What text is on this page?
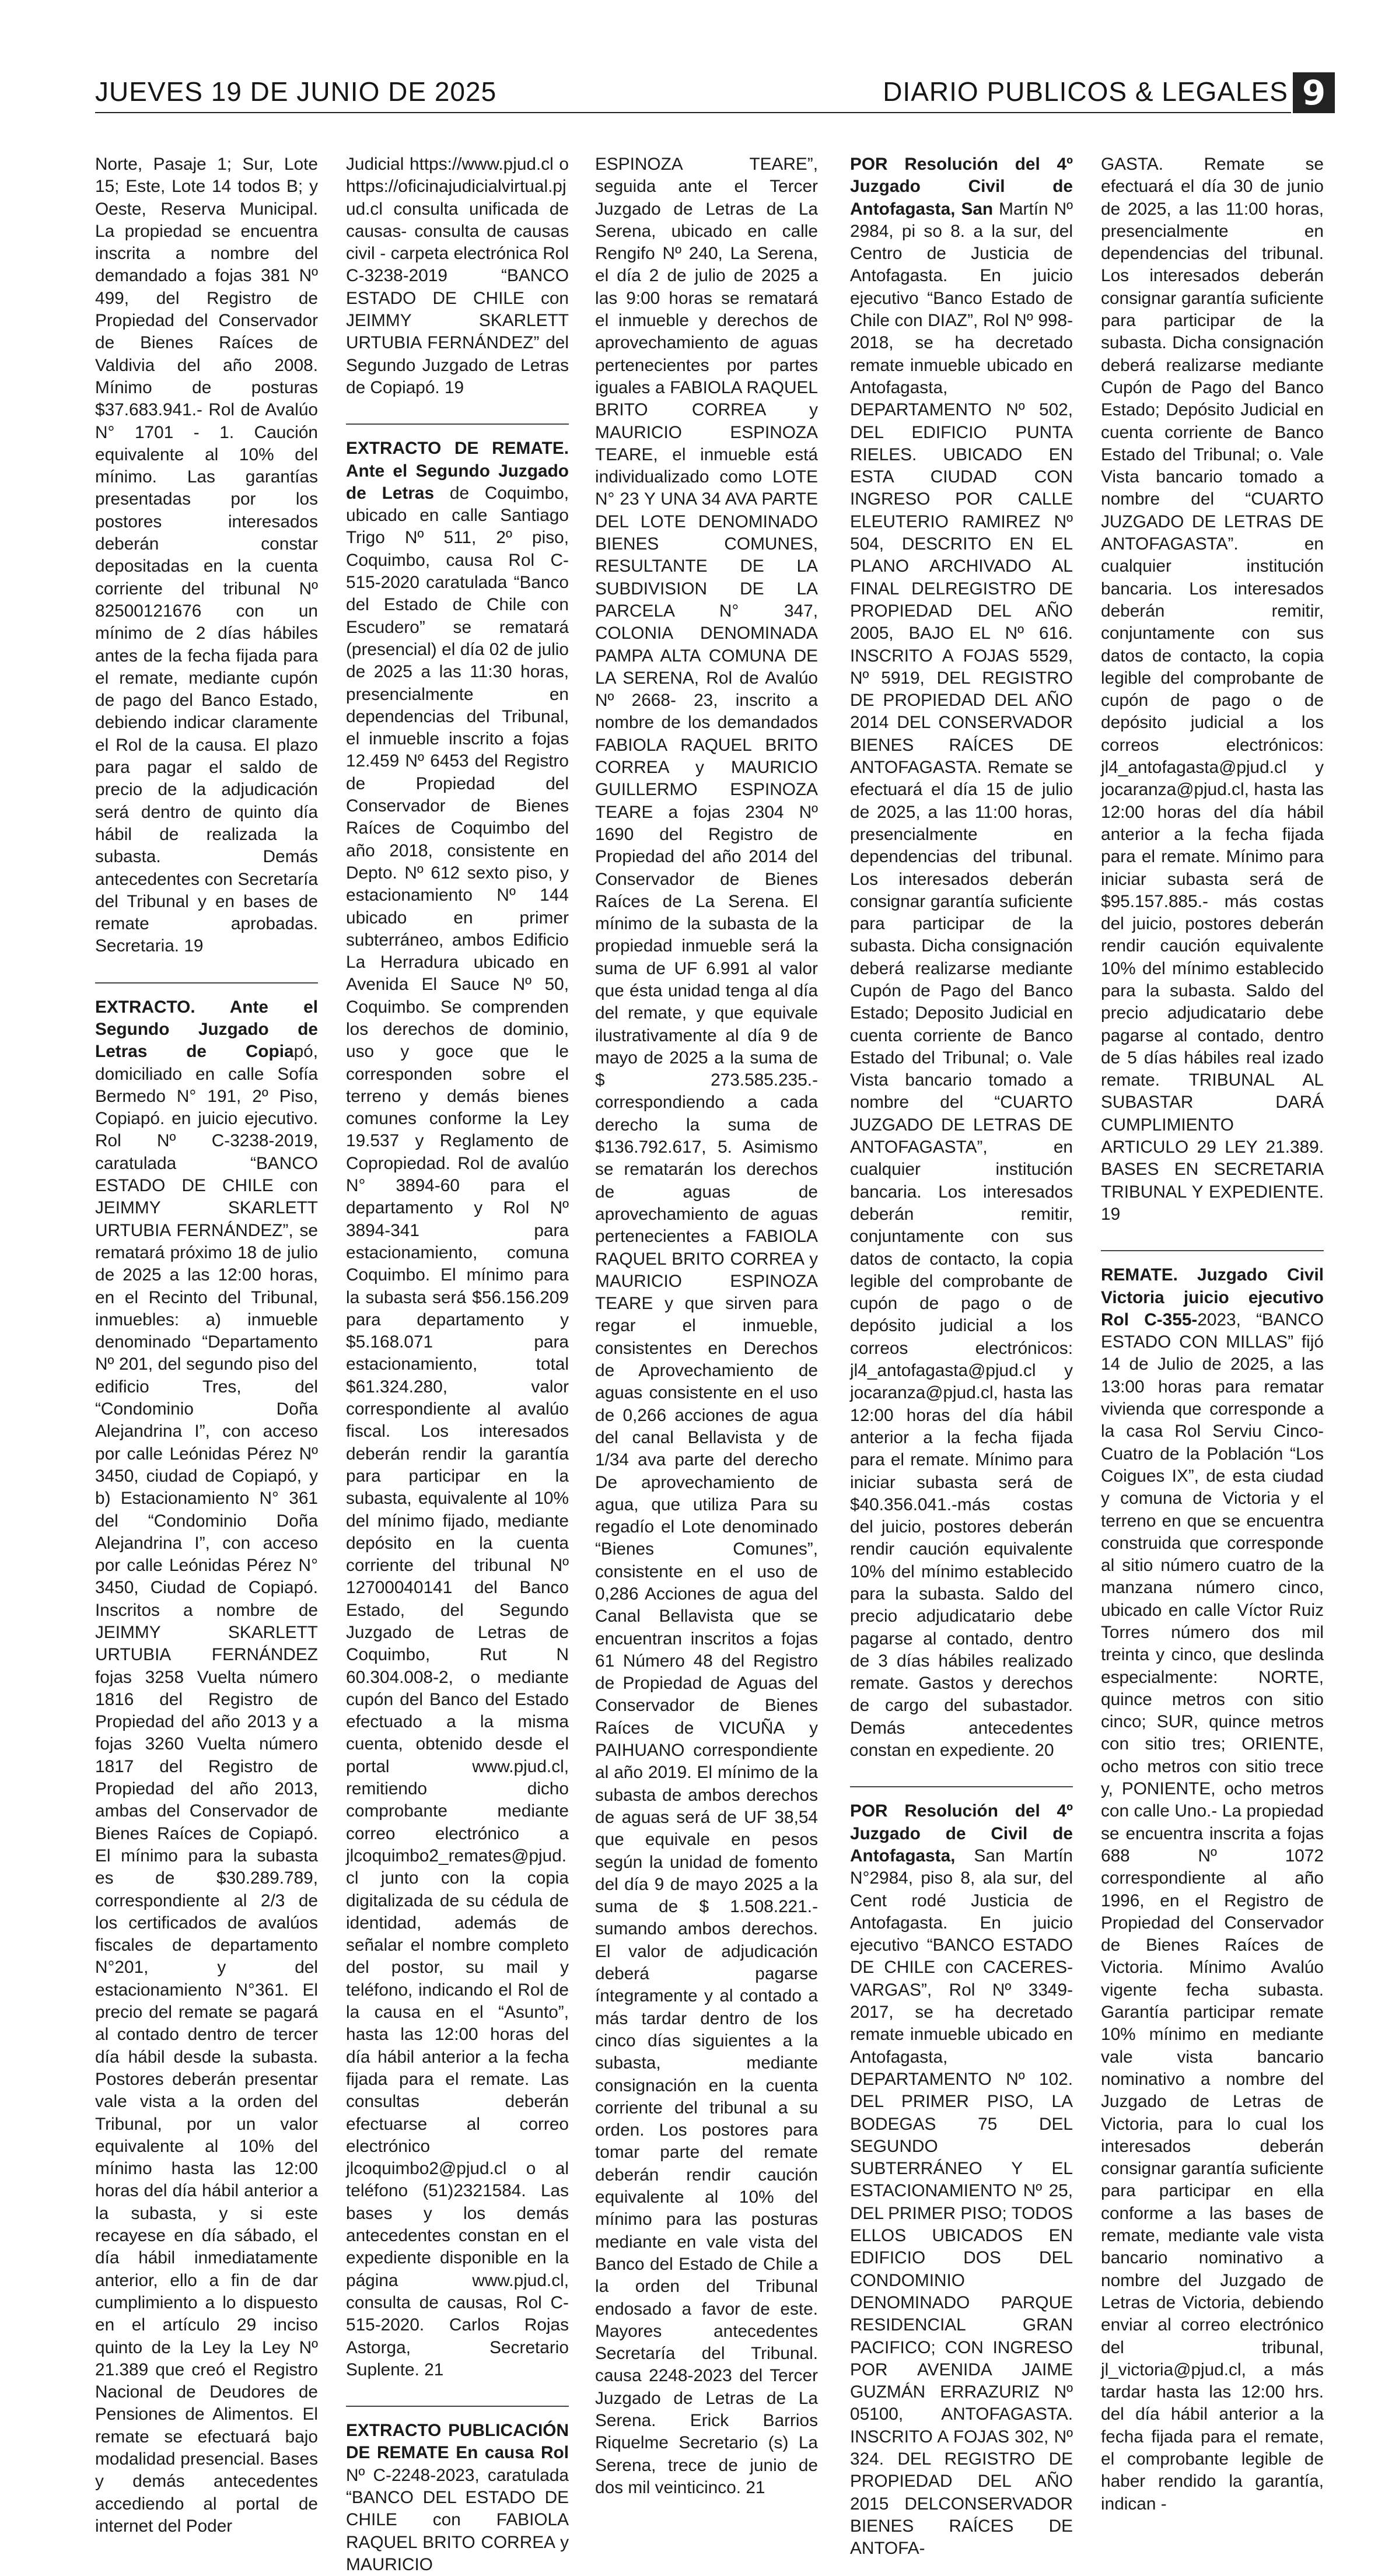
JUEVES 19 DE JUNIO DE 2025	DIARIO PUBLICOS & LEGALES 9

Norte, Pasaje 1; Sur, Lote 15; Este, Lote 14 todos B; y Oeste, Reserva Municipal. La propiedad se encuentra inscrita a nombre del demandado a fojas 381 Nº 499, del Registro de Propiedad del Conservador de Bienes Raíces de Valdivia del año 2008. Mínimo de posturas $37.683.941.- Rol de Avalúo N° 1701 - 1. Caución equivalente al 10% del mínimo. Las garantías presentadas por los postores interesados deberán constar depositadas en la cuenta corriente del tribunal Nº 82500121676 con un mínimo de 2 días hábiles antes de la fecha fijada para el remate, mediante cupón de pago del Banco Estado, debiendo indicar claramente el Rol de la causa. El plazo para pagar el saldo de precio de la adjudicación será dentro de quinto día hábil de realizada la subasta. Demás antecedentes con Secretaría del Tribunal y en bases de remate aprobadas. Secretaria. 19

EXTRACTO. Ante el Segundo Juzgado de Letras de Copiapó, domiciliado en calle Sofía Bermedo N° 191, 2º Piso, Copiapó. en juicio ejecutivo. Rol Nº C-3238-2019, caratulada “BANCO ESTADO DE CHILE con JEIMMY SKARLETT URTUBIA FERNÁNDEZ”, se rematará próximo 18 de julio de 2025 a las 12:00 horas, en el Recinto del Tribunal, inmuebles: a) inmueble denominado “Departamento Nº 201, del segundo piso del edificio Tres, del “Condominio Doña Alejandrina I”, con acceso por calle Leónidas Pérez Nº 3450, ciudad de Copiapó, y b) Estacionamiento N° 361 del “Condominio Doña Alejandrina I”, con acceso por calle Leónidas Pérez N° 3450, Ciudad de Copiapó. Inscritos a nombre de JEIMMY SKARLETT URTUBIA FERNÁNDEZ fojas 3258 Vuelta número 1816 del Registro de Propiedad del año 2013 y a fojas 3260 Vuelta número 1817 del Registro de Propiedad del año 2013, ambas del Conservador de Bienes Raíces de Copiapó. El mínimo para la subasta es de $30.289.789, correspondiente al 2/3 de los certificados de avalúos fiscales de departamento N°201, y del estacionamiento N°361. El precio del remate se pagará al contado dentro de tercer día hábil desde la subasta. Postores deberán presentar vale vista a la orden del Tribunal, por un valor equivalente al 10% del mínimo hasta las 12:00 horas del día hábil anterior a la subasta, y si este recayese en día sábado, el día hábil inmediatamente anterior, ello a fin de dar cumplimiento a lo dispuesto en el artículo 29 inciso quinto de la Ley la Ley Nº 21.389 que creó el Registro Nacional de Deudores de Pensiones de Alimentos. El remate se efectuará bajo modalidad presencial. Bases y demás antecedentes accediendo al portal de internet del Poder

Judicial https://www.pjud.cl o https://oficinajudicialvirtual.pjud.cl consulta unificada de causas- consulta de causas civil - carpeta electrónica Rol C-3238-2019 “BANCO ESTADO DE CHILE con JEIMMY SKARLETT URTUBIA FERNÁNDEZ” del Segundo Juzgado de Letras de Copiapó. 19

EXTRACTO DE REMATE. Ante el Segundo Juzgado de Letras de Coquimbo, ubicado en calle Santiago Trigo Nº 511, 2º piso, Coquimbo, causa Rol C-515-2020 caratulada “Banco del Estado de Chile con Escudero” se rematará (presencial) el día 02 de julio de 2025 a las 11:30 horas, presencialmente en dependencias del Tribunal, el inmueble inscrito a fojas 12.459 Nº 6453 del Registro de Propiedad del Conservador de Bienes Raíces de Coquimbo del año 2018, consistente en Depto. Nº 612 sexto piso, y estacionamiento Nº 144 ubicado en primer subterráneo, ambos Edificio La Herradura ubicado en Avenida El Sauce Nº 50, Coquimbo. Se comprenden los derechos de dominio, uso y goce que le corresponden sobre el terreno y demás bienes comunes conforme la Ley 19.537 y Reglamento de Copropiedad. Rol de avalúo N° 3894-60 para el departamento y Rol Nº 3894-341 para estacionamiento, comuna Coquimbo. El mínimo para la subasta será $56.156.209 para departamento y $5.168.071 para estacionamiento, total $61.324.280, valor correspondiente al avalúo fiscal. Los interesados deberán rendir la garantía para participar en la subasta, equivalente al 10% del mínimo fijado, mediante depósito en la cuenta corriente del tribunal Nº 12700040141 del Banco Estado, del Segundo Juzgado de Letras de Coquimbo, Rut N 60.304.008-2, o mediante cupón del Banco del Estado efectuado a la misma cuenta, obtenido desde el portal www.pjud.cl, remitiendo dicho comprobante mediante correo electrónico a jlcoquimbo2_remates@pjud.cl junto con la copia digitalizada de su cédula de identidad, además de señalar el nombre completo del postor, su mail y teléfono, indicando el Rol de la causa en el “Asunto”, hasta las 12:00 horas del día hábil anterior a la fecha fijada para el remate. Las consultas deberán efectuarse al correo electrónico jlcoquimbo2@pjud.cl o al teléfono (51)2321584. Las bases y los demás antecedentes constan en el expediente disponible en la página www.pjud.cl, consulta de causas, Rol C-515-2020. Carlos Rojas Astorga, Secretario Suplente. 21

EXTRACTO PUBLICACIÓN DE REMATE En causa Rol Nº C-2248-2023, caratulada “BANCO DEL ESTADO DE CHILE con FABIOLA RAQUEL BRITO CORREA y MAURICIO

ESPINOZA TEARE”, seguida ante el Tercer Juzgado de Letras de La Serena, ubicado en calle Rengifo Nº 240, La Serena, el día 2 de julio de 2025 a las 9:00 horas se rematará el inmueble y derechos de aprovechamiento de aguas pertenecientes por partes iguales a FABIOLA RAQUEL BRITO CORREA y MAURICIO ESPINOZA TEARE, el inmueble está individualizado como LOTE N° 23 Y UNA 34 AVA PARTE DEL LOTE DENOMINADO BIENES COMUNES, RESULTANTE DE LA SUBDIVISION DE LA PARCELA N° 347, COLONIA DENOMINADA PAMPA ALTA COMUNA DE LA SERENA, Rol de Avalúo Nº 2668- 23, inscrito a nombre de los demandados FABIOLA RAQUEL BRITO CORREA y MAURICIO GUILLERMO ESPINOZA TEARE a fojas 2304 Nº 1690 del Registro de Propiedad del año 2014 del Conservador de Bienes Raíces de La Serena. El mínimo de la subasta de la propiedad inmueble será la suma de UF 6.991 al valor que ésta unidad tenga al día del remate, y que equivale ilustrativamente al día 9 de mayo de 2025 a la suma de $ 273.585.235.- correspondiendo a cada derecho la suma de $136.792.617, 5. Asimismo se rematarán los derechos de aguas de aprovechamiento de aguas pertenecientes a FABIOLA RAQUEL BRITO CORREA y MAURICIO ESPINOZA TEARE y que sirven para regar el inmueble, consistentes en Derechos de Aprovechamiento de aguas consistente en el uso de 0,266 acciones de agua del canal Bellavista y de 1/34 ava parte del derecho De aprovechamiento de agua, que utiliza Para su regadío el Lote denominado “Bienes Comunes”, consistente en el uso de 0,286 Acciones de agua del Canal Bellavista que se encuentran inscritos a fojas 61 Número 48 del Registro de Propiedad de Aguas del Conservador de Bienes Raíces de VICUÑA y PAIHUANO correspondiente al año 2019. El mínimo de la subasta de ambos derechos de aguas será de UF 38,54 que equivale en pesos según la unidad de fomento del día 9 de mayo 2025 a la suma de $ 1.508.221.- sumando ambos derechos. El valor de adjudicación deberá pagarse íntegramente y al contado a más tardar dentro de los cinco días siguientes a la subasta, mediante consignación en la cuenta corriente del tribunal a su orden. Los postores para tomar parte del remate deberán rendir caución equivalente al 10% del mínimo para las posturas mediante en vale vista del Banco del Estado de Chile a la orden del Tribunal endosado a favor de este. Mayores antecedentes Secretaría del Tribunal. causa 2248-2023 del Tercer Juzgado de Letras de La Serena. Erick Barrios Riquelme Secretario (s) La Serena, trece de junio de dos mil veinticinco. 21

POR Resolución del 4º Juzgado Civil de Antofagasta, San Martín Nº 2984, pi so 8. a la sur, del Centro de Justicia de Antofagasta. En juicio ejecutivo “Banco Estado de Chile con DIAZ”, Rol Nº 998-2018, se ha decretado remate inmueble ubicado en Antofagasta, DEPARTAMENTO Nº 502, DEL EDIFICIO PUNTA RIELES. UBICADO EN ESTA CIUDAD CON INGRESO POR CALLE ELEUTERIO RAMIREZ Nº 504, DESCRITO EN EL PLANO ARCHIVADO AL FINAL DELREGISTRO DE PROPIEDAD DEL AÑO 2005, BAJO EL Nº 616. INSCRITO A FOJAS 5529, Nº 5919, DEL REGISTRO DE PROPIEDAD DEL AÑO 2014 DEL CONSERVADOR BIENES RAÍCES DE ANTOFAGASTA. Remate se efectuará el día 15 de julio de 2025, a las 11:00 horas, presencialmente en dependencias del tribunal. Los interesados deberán consignar garantía suficiente para participar de la subasta. Dicha consignación deberá realizarse mediante Cupón de Pago del Banco Estado; Deposito Judicial en cuenta corriente de Banco Estado del Tribunal; o. Vale Vista bancario tomado a nombre del “CUARTO JUZGADO DE LETRAS DE ANTOFAGASTA”, en cualquier institución bancaria. Los interesados deberán remitir, conjuntamente con sus datos de contacto, la copia legible del comprobante de cupón de pago o de depósito judicial a los correos electrónicos: jl4_antofagasta@pjud.cl y jocaranza@pjud.cl, hasta las 12:00 horas del día hábil anterior a la fecha fijada para el remate. Mínimo para iniciar subasta será de $40.356.041.-más costas del juicio, postores deberán rendir caución equivalente 10% del mínimo establecido para la subasta. Saldo del precio adjudicatario debe pagarse al contado, dentro de 3 días hábiles realizado remate. Gastos y derechos de cargo del subastador. Demás antecedentes constan en expediente. 20

POR Resolución del 4º Juzgado de Civil de Antofagasta, San Martín N°2984, piso 8, ala sur, del Cent rodé Justicia de Antofagasta. En juicio ejecutivo “BANCO ESTADO DE CHILE con CACERES-VARGAS”, Rol Nº 3349-2017, se ha decretado remate inmueble ubicado en Antofagasta, DEPARTAMENTO Nº 102. DEL PRIMER PISO, LA BODEGAS 75 DEL SEGUNDO SUBTERRÁNEO Y EL ESTACIONAMIENTO Nº 25, DEL PRIMER PISO; TODOS ELLOS UBICADOS EN EDIFICIO DOS DEL CONDOMINIO DENOMINADO PARQUE RESIDENCIAL GRAN PACIFICO; CON INGRESO POR AVENIDA JAIME GUZMÁN ERRAZURIZ Nº 05100, ANTOFAGASTA. INSCRITO A FOJAS 302, Nº 324. DEL REGISTRO DE PROPIEDAD DEL AÑO 2015 DELCONSERVADOR BIENES RAÍCES DE ANTOFA-

GASTA. Remate se efectuará el día 30 de junio de 2025, a las 11:00 horas, presencialmente en dependencias del tribunal. Los interesados deberán consignar garantía suficiente para participar de la subasta. Dicha consignación deberá realizarse mediante Cupón de Pago del Banco Estado; Depósito Judicial en cuenta corriente de Banco Estado del Tribunal; o. Vale Vista bancario tomado a nombre del “CUARTO JUZGADO DE LETRAS DE ANTOFAGASTA”. en cualquier institución bancaria. Los interesados deberán remitir, conjuntamente con sus datos de contacto, la copia legible del comprobante de cupón de pago o de depósito judicial a los correos electrónicos: jl4_antofagasta@pjud.cl y jocaranza@pjud.cl, hasta las 12:00 horas del día hábil anterior a la fecha fijada para el remate. Mínimo para iniciar subasta será de $95.157.885.- más costas del juicio, postores deberán rendir caución equivalente 10% del mínimo establecido para la subasta. Saldo del precio adjudicatario debe pagarse al contado, dentro de 5 días hábiles real izado remate. TRIBUNAL AL SUBASTAR DARÁ CUMPLIMIENTO ARTICULO 29 LEY 21.389. BASES EN SECRETARIA TRIBUNAL Y EXPEDIENTE. 19

REMATE. Juzgado Civil Victoria juicio ejecutivo Rol C-355-2023, “BANCO ESTADO CON MILLAS” fijó 14 de Julio de 2025, a las 13:00 horas para rematar vivienda que corresponde a la casa Rol Serviu Cinco-Cuatro de la Población “Los Coigues IX”, de esta ciudad y comuna de Victoria y el terreno en que se encuentra construida que corresponde al sitio número cuatro de la manzana número cinco, ubicado en calle Víctor Ruiz Torres número dos mil treinta y cinco, que deslinda especialmente: NORTE, quince metros con sitio cinco; SUR, quince metros con sitio tres; ORIENTE, ocho metros con sitio trece y, PONIENTE, ocho metros con calle Uno.- La propiedad se encuentra inscrita a fojas 688 Nº 1072 correspondiente al año 1996, en el Registro de Propiedad del Conservador de Bienes Raíces de Victoria. Mínimo Avalúo vigente fecha subasta. Garantía participar remate 10% mínimo en mediante vale vista bancario nominativo a nombre del Juzgado de Letras de Victoria, para lo cual los interesados deberán consignar garantía suficiente para participar en ella conforme a las bases de remate, mediante vale vista bancario nominativo a nombre del Juzgado de Letras de Victoria, debiendo enviar al correo electrónico del tribunal, jl_victoria@pjud.cl, a más tardar hasta las 12:00 hrs. del día hábil anterior a la fecha fijada para el remate, el comprobante legible de haber rendido la garantía, indican -
